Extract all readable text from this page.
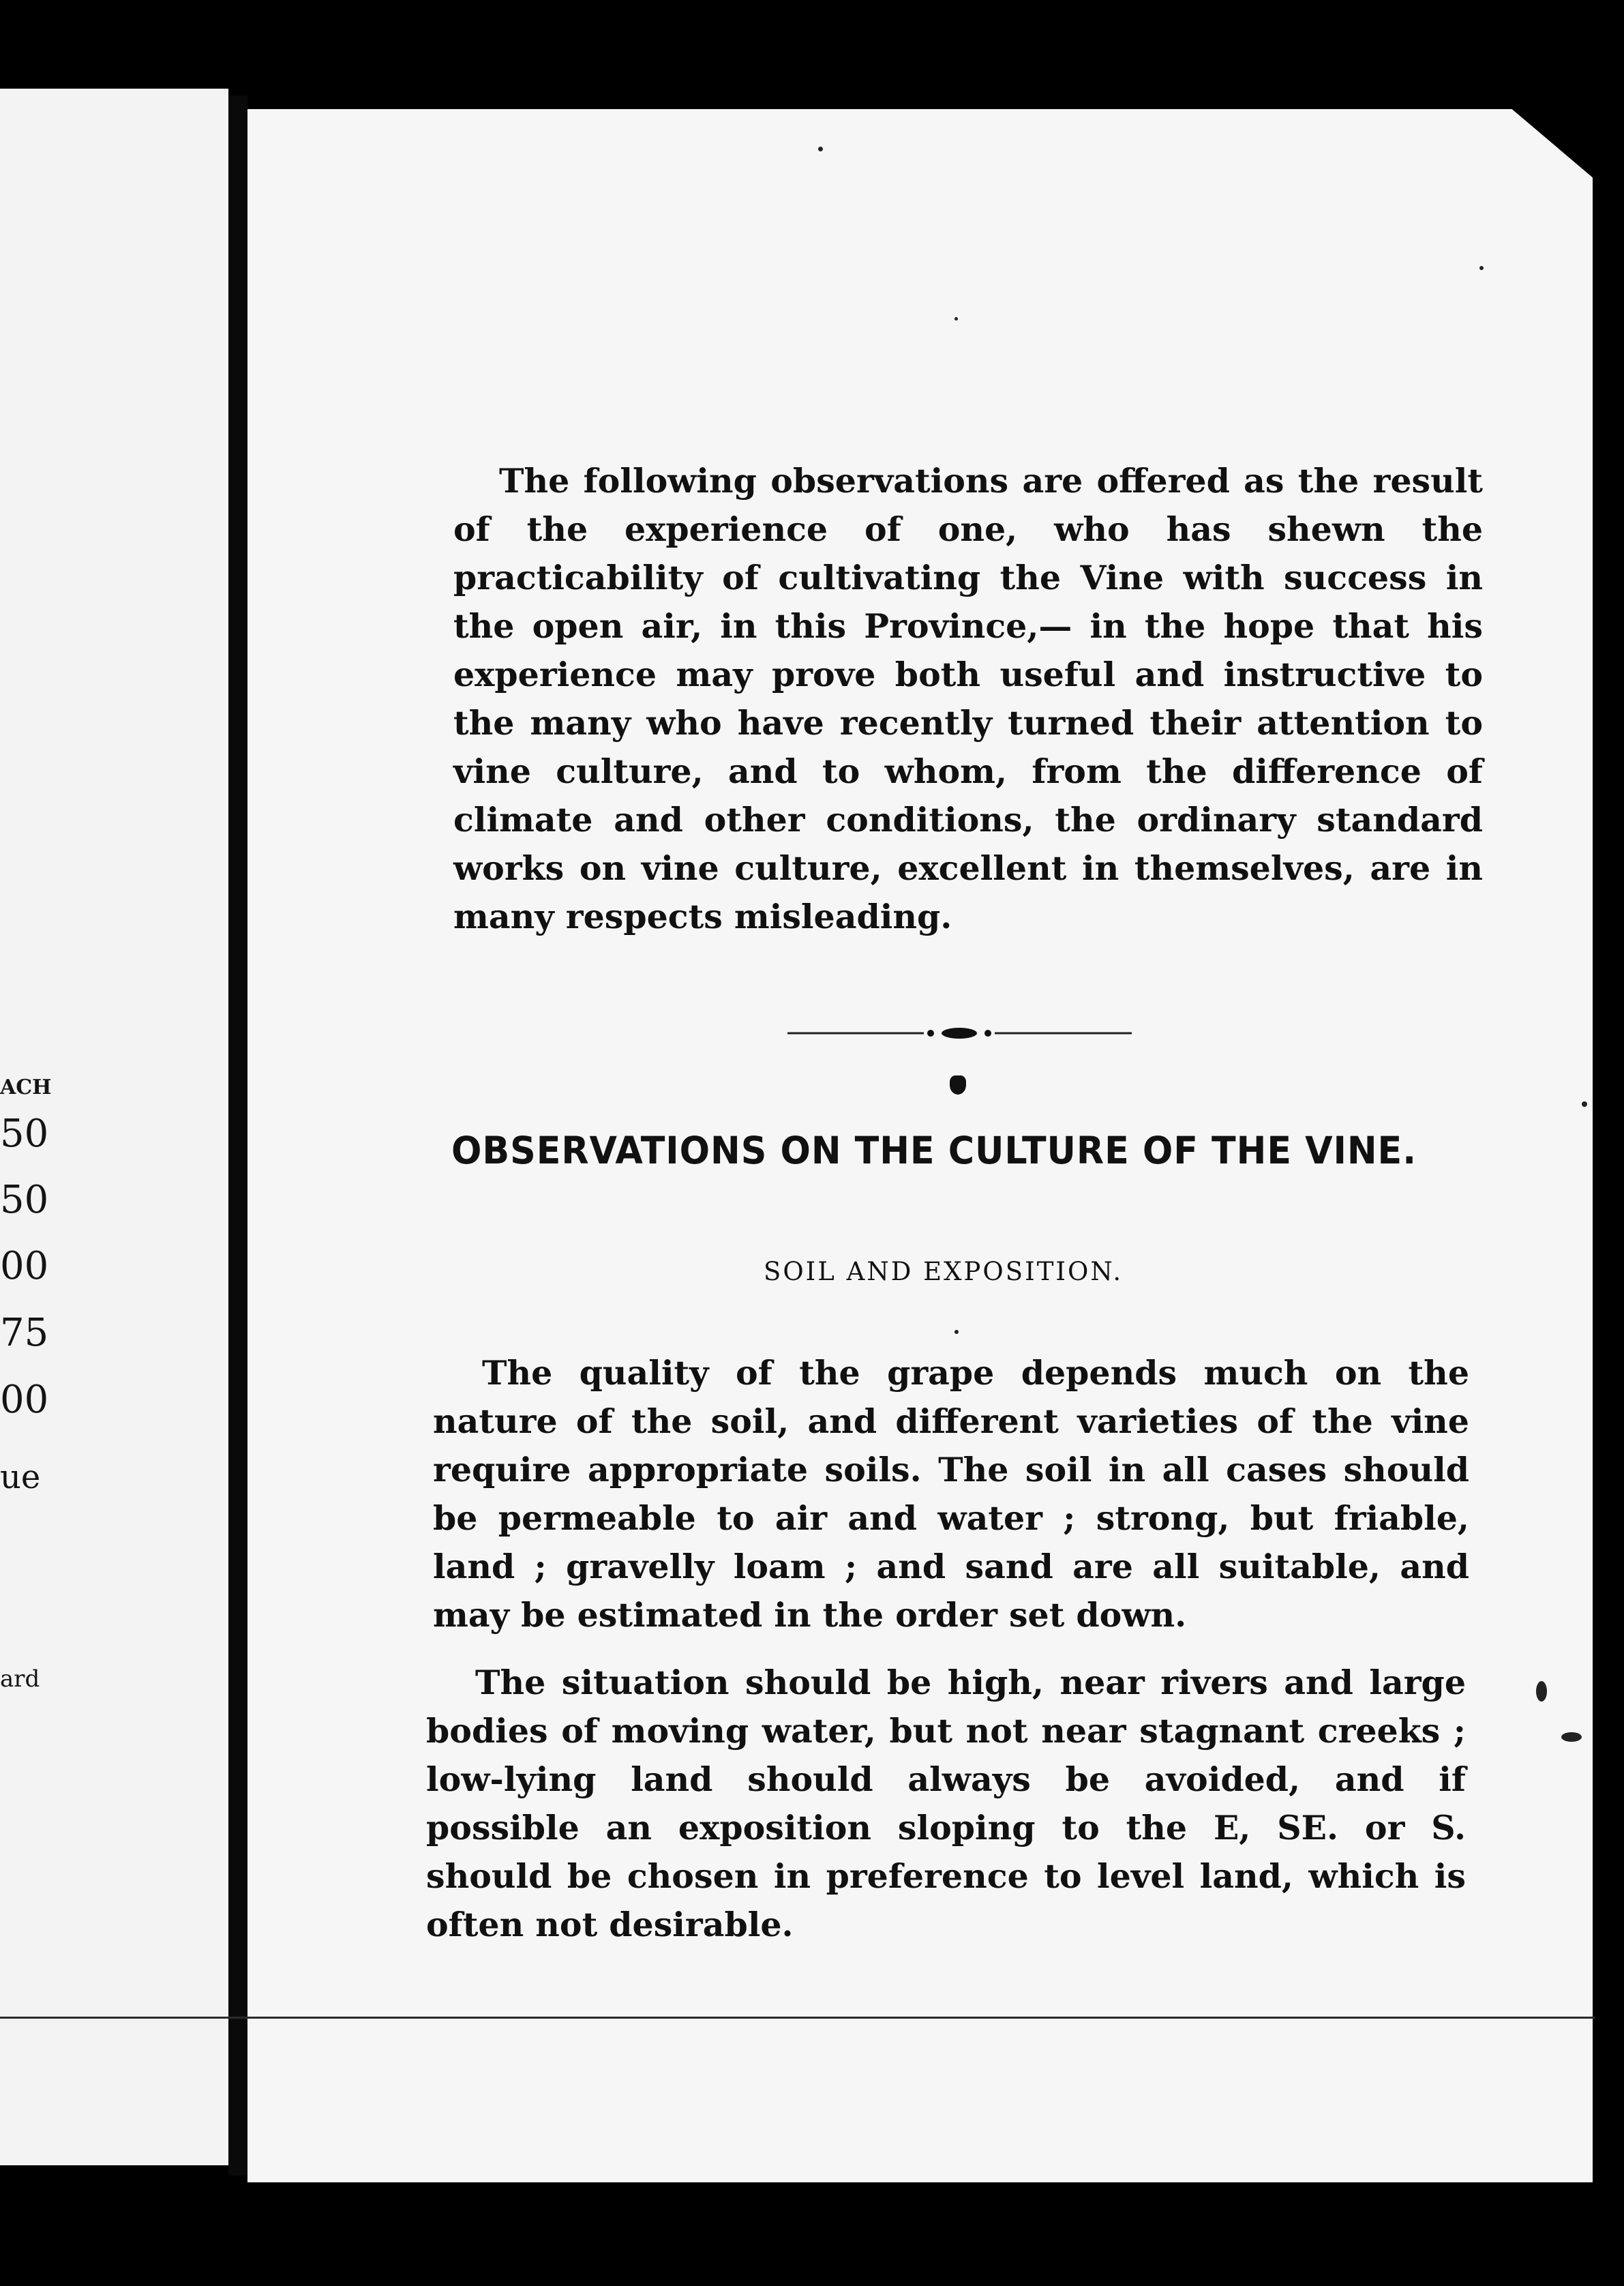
ACH
50
50
00
75
00
ue
ard

The following observations are offered as the result of the experience of one, who has shewn the practicability of cultivating the Vine with success in the open air, in this Province,— in the hope that his experience may prove both useful and instructive to the many who have recently turned their attention to vine culture, and to whom, from the difference of climate and other conditions, the ordinary standard works on vine culture, excellent in themselves, are in many respects misleading.

OBSERVATIONS ON THE CULTURE OF THE VINE.
SOIL AND EXPOSITION.

The quality of the grape depends much on the nature of the soil, and different varieties of the vine require appropriate soils. The soil in all cases should be permeable to air and water ; strong, but friable, land ; gravelly loam ; and sand are all suitable, and may be estimated in the order set down.

The situation should be high, near rivers and large bodies of moving water, but not near stagnant creeks ; low-lying land should always be avoided, and if possible an exposition sloping to the E, SE. or S. should be chosen in preference to level land, which is often not desirable.
